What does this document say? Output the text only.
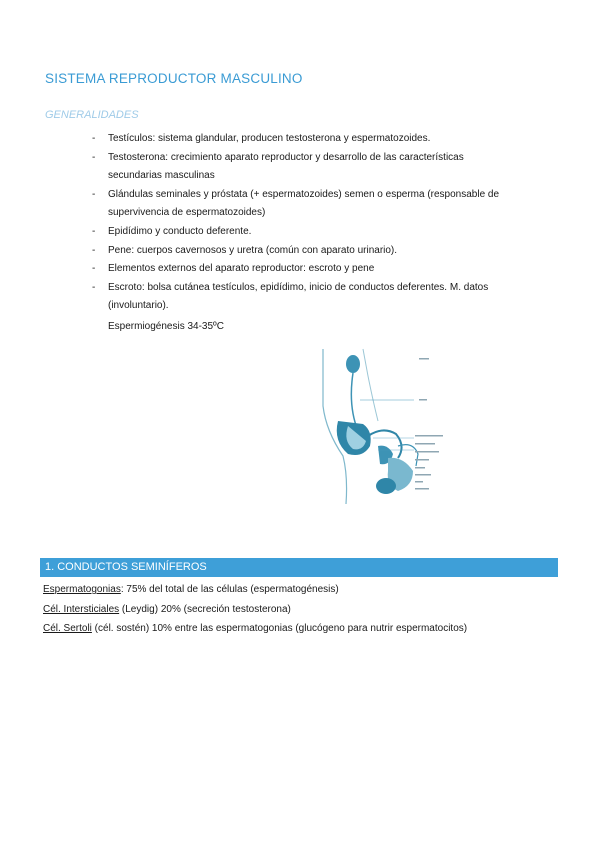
SISTEMA REPRODUCTOR MASCULINO
GENERALIDADES
- Testículos: sistema glandular, producen testosterona y espermatozoides.
- Testosterona: crecimiento aparato reproductor y desarrollo de las características
secundarias masculinas
- Glándulas seminales y próstata (+ espermatozoides) semen o esperma (responsable de
supervivencia de espermatozoides)
- Epidídimo y conducto deferente.
- Pene: cuerpos cavernosos y uretra (común con aparato urinario).
- Elementos externos del aparato reproductor: escroto y pene
- Escroto: bolsa cutánea testículos, epidídimo, inicio de conductos deferentes. M. datos
(involuntario).
Espermiogénesis 34-35ºC
1. CONDUCTOS SEMINÍFEROS
Espermatogonias: 75% del total de las células (espermatogénesis)
Cél. Intersticiales (Leydig) 20% (secreción testosterona)
Cél. Sertoli (cél. sostén) 10% entre las espermatogonias (glucógeno para nutrir espermatocitos)
